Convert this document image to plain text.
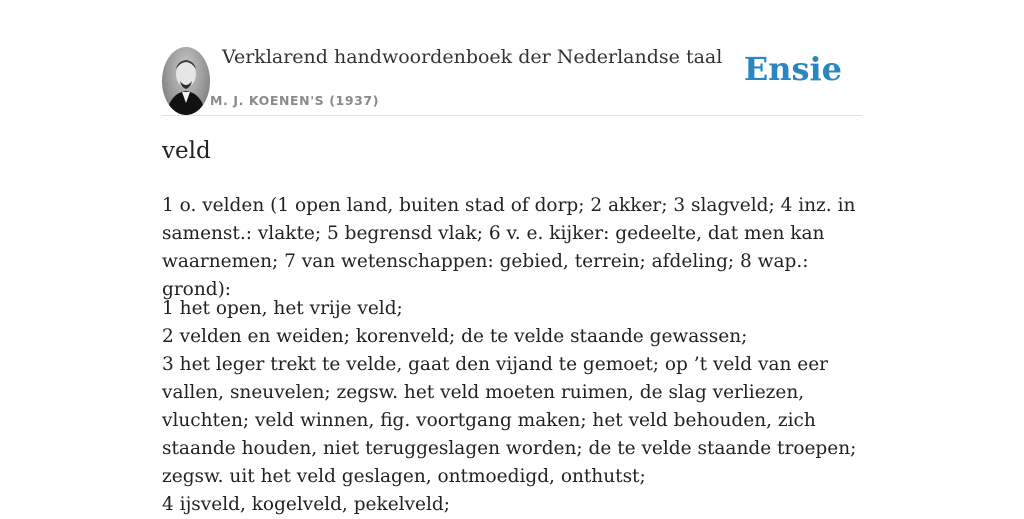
Verklarend handwoordenboek der Nederlandse taal
M. J. KOENEN'S (1937)
Ensie
veld

1 o. velden (1 open land, buiten stad of dorp; 2 akker; 3 slagveld; 4 inz. in samenst.: vlakte; 5 begrensd vlak; 6 v. e. kijker: gedeelte, dat men kan waarnemen; 7 van wetenschappen: gebied, terrein; afdeling; 8 wap.: grond):

1 het open, het vrije veld;

2 velden en weiden; korenveld; de te velde staande gewassen;

3 het leger trekt te velde, gaat den vijand te gemoet; op ’t veld van eer vallen, sneuvelen; zegsw. het veld moeten ruimen, de slag verliezen, vluchten; veld winnen, fig. voortgang maken; het veld behouden, zich staande houden, niet teruggeslagen worden; de te velde staande troepen; zegsw. uit het veld geslagen, ontmoedigd, onthutst;

4 ijsveld, kogelveld, pekelveld;
